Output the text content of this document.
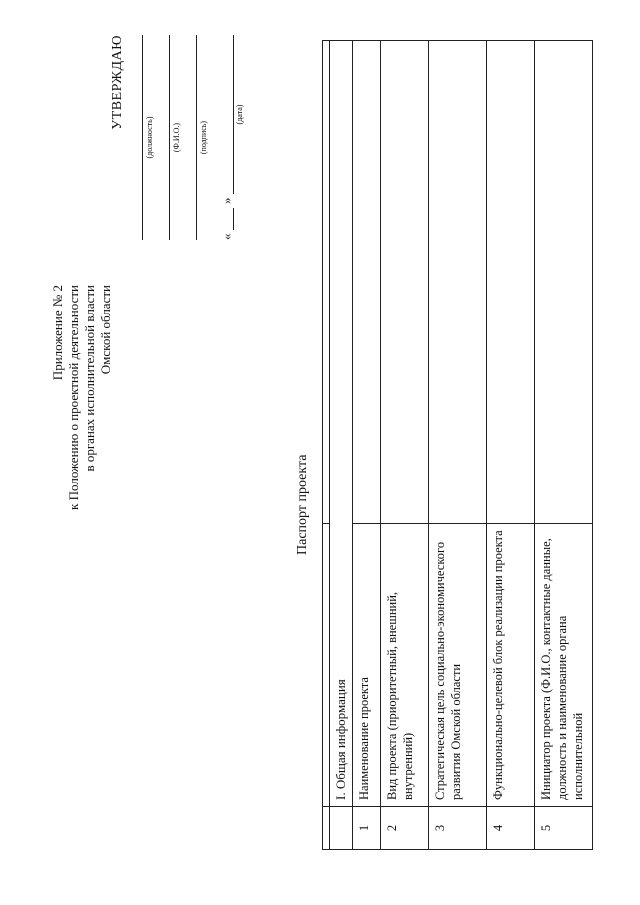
Приложение № 2 к Положению о проектной деятельности в органах исполнительной власти Омской области
УТВЕРЖДАЮ
(должность) (Ф.И.О.) (подпись)
«
»
(дата)
Паспорт проекта

	I. Общая информация	
1	Наименование проекта	
2	Вид проекта (приоритетный, внешний, внутренний)	
3	Стратегическая цель социально-экономического развития Омской области	
4	Функционально-целевой блок реализации проекта	
5	Инициатор проекта (Ф.И.О., контактные данные, должность и наименование органа исполнительной	
